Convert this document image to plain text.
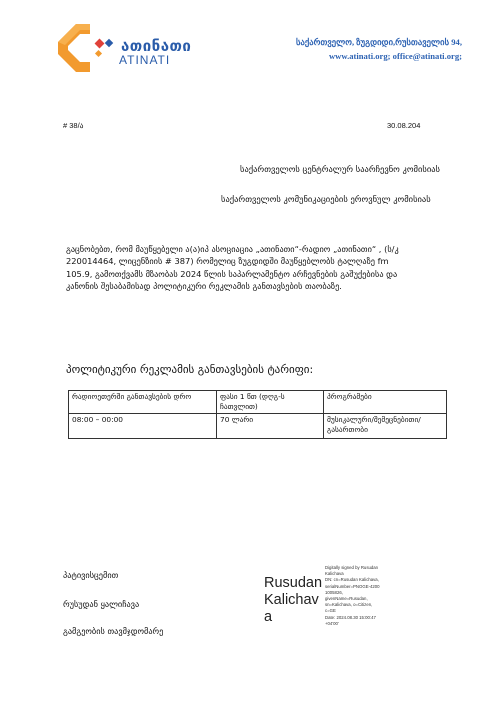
ათინათი
ATINATI
საქართველო, ზუგდიდი,რუსთაველის 94,
www.atinati.org; office@atinati.org;
# 38/ა	30.08.204
საქართველოს ცენტრალურ საარჩევნო კომისიას
საქართველოს კომუნიკაციების ეროვნულ კომისიას
გაცნობებთ, რომ მაუწყებელი ა(ა)იპ ასოციაცია „ათინათი“-რადიო „ათინათი“ , (ს/კ
220014464, ლიცენზიის # 387) რომელიც ზუგდიდში მაუწყებლობს ტალღაზე fm
105.9, გამოთქვამს მზაობას 2024 წლის საპარლამენტო არჩევნების გაშუქებისა და
კანონის შესაბამისად პოლიტიკური რეკლამის განთავსების თაობაზე.
პოლიტიკური რეკლამის განთავსების ტარიფი:
რადიოეთერში განთავსების დრო	ფასი 1 წთ (დღგ-ს ჩათვლით)	პროგრამები
08:00 – 00:00	70 ლარი	მუსიკალური/შემეცნებითი/გასართობი
პატივისცემით
რუსუდან ყალიჩავა
გამგეობის თავმჯდომარე
Rusudan
Kalichav
a
Digitally signed by Rusudan
Kalichava
DN: cn=Rusudan Kalichava,
serialNumber=PNOGE-4200
1005826,
givenName=Rusudan,
sn=Kalichava, o=Citizen,
c=GE
Date: 2024.08.30 15:00:47
+04'00'
